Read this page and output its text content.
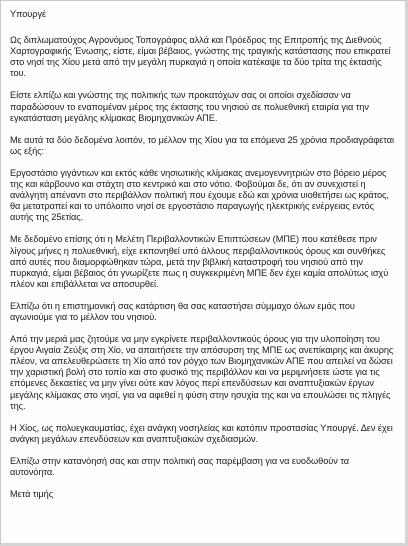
Υπουργέ

Ως διπλωματούχος Αγρονόμος Τοπογράφος αλλά και Πρόεδρος της Επιτροπής της Διεθνούς Χαρτογραφικής Ένωσης, είστε, είμαι βέβαιος, γνώστης της τραγικής κατάστασης που επικρατεί στο νησί της Χίου μετά από την μεγάλη πυρκαγιά η οποία κατέκαψε τα δύο τρίτα της έκτασής του.

Είστε ελπίζω και γνώστης της πολιτικής των προκατόχων σας οι οποίοι σχεδίασαν να παραδώσουν το εναπομέναν μέρος της έκτασης του νησιού σε πολυεθνική εταιρία για την εγκατάσταση μεγάλης κλίμακας Βιομηχανικών ΑΠΕ.

Με αυτά τα δύο δεδομένα λοιπόν, το μέλλον της Χίου για τα επόμενα 25 χρόνια προδιαγράφεται ως εξής:

Εργοστάσιο γιγάντιων και εκτός κάθε νησιωτικής κλίμακας ανεμογεννητριών στο βόρειο μέρος της και κάρβουνο και στάχτη στο κεντρικό και στο νότιο. Φοβούμαι δε, ότι αν συνεχιστεί η ανάλγητη απέναντι στο περιβάλλον πολιτική που έχουμε εδώ και χρόνια υιοθετήσει ως κράτος, θα μετατραπεί και το υπόλοιπο νησί σε εργοστάσιο παραγωγής ηλεκτρικής ενέργειας εντός αυτής της 25ετίας.

Με δεδομένο επίσης ότι η Μελέτη Περιβαλλοντικών Επιπτώσεων (ΜΠΕ) που κατέθεσε πριν λίγους μήνες η πολυεθνική, είχε εκπονηθεί υπό άλλους περιβαλλοντικούς όρους και συνθήκες από αυτές που διαμορφώθηκαν τώρα, μετά την βιβλική καταστροφή του νησιού από την πυρκαγιά, είμαι βέβαιος ότι γνωρίζετε πως η συγκεκριμένη ΜΠΕ δεν έχει καμία απολύτως ισχύ πλέον και επιβάλλεται να αποσυρθεί.

Ελπίζω ότι η επιστημονική σας κατάρτιση θα σας καταστήσει σύμμαχο όλων εμάς που αγωνιούμε για το μέλλον του νησιού.

Από την μεριά μας ζητούμε να μην εγκρίνετε περιβαλλοντικούς όρους για την υλοποίηση του έργου Αιγαία Ζεύξις στη Χίο, να απαιτήσετε την απόσυρση της ΜΠΕ ως ανεπίκαιρης και άκυρης πλέον, να απελευθερώσετε τη Χίο από τον ρόγχο των Βιομηχανικών ΑΠΕ που απειλεί να δώσει την χαριστική βολή στο τοπίο και στο φυσικό της περιβάλλον και να μεριμνήσετε ώστε για τις επόμενες δεκαετίες να μην γίνει ούτε καν λόγος περί επενδύσεων και αναπτυξιακών έργων μεγάλης κλίμακας στο νησί, για να αφεθεί η φύση στην ησυχία της και να επουλώσει τις πληγές της.

Η Χίος, ως πολυεγκαυματίας, έχει ανάγκη νοσηλείας και κατόπιν προστασίας Υπουργέ. Δεν έχει ανάγκη μεγάλων επενδύσεων και αναπτυξιακών σχεδιασμών.

Ελπίζω στην κατανόησή σας και στην πολιτική σας παρέμβαση για να ευοδωθούν τα αυτονόητα.

Μετά τιμής
